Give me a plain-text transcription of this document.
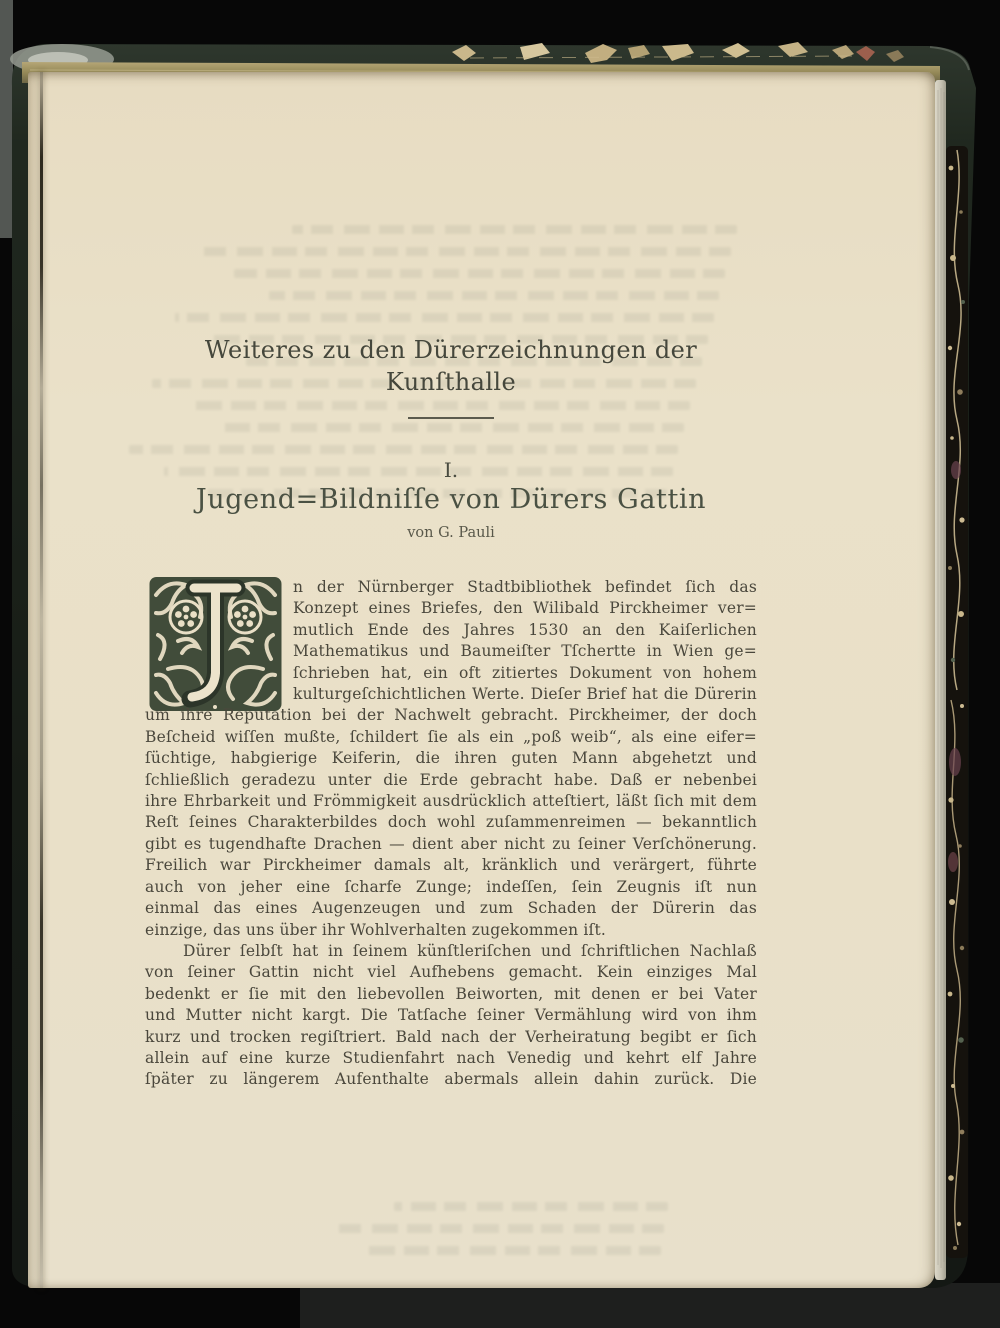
Weiteres zu den Dürerzeichnungen der Kunſthalle
I.
Jugend=Bildniſſe von Dürers Gattin
von G. Pauli
n der Nürnberger Stadtbibliothek befindet ſich das
Konzept eines Briefes, den Wilibald Pirckheimer ver=
mutlich Ende des Jahres 1530 an den Kaiſerlichen
Mathematikus und Baumeiſter Tſchertte in Wien ge=
ſchrieben hat, ein oft zitiertes Dokument von hohem
kulturgeſchichtlichen Werte. Dieſer Brief hat die Dürerin
um ihre Reputation bei der Nachwelt gebracht. Pirckheimer, der doch
Beſcheid wiſſen mußte, ſchildert ſie als ein „poß weib“, als eine eifer=
ſüchtige, habgierige Keiferin, die ihren guten Mann abgehetzt und
ſchließlich geradezu unter die Erde gebracht habe. Daß er nebenbei
ihre Ehrbarkeit und Frömmigkeit ausdrücklich atteſtiert, läßt ſich mit dem
Reſt ſeines Charakterbildes doch wohl zuſammenreimen — bekanntlich
gibt es tugendhafte Drachen — dient aber nicht zu ſeiner Verſchönerung.
Freilich war Pirckheimer damals alt, kränklich und verärgert, führte
auch von jeher eine ſcharfe Zunge; indeſſen, ſein Zeugnis iſt nun
einmal das eines Augenzeugen und zum Schaden der Dürerin das
einzige, das uns über ihr Wohlverhalten zugekommen iſt.
Dürer ſelbſt hat in ſeinem künſtleriſchen und ſchriftlichen Nachlaß
von ſeiner Gattin nicht viel Aufhebens gemacht. Kein einziges Mal
bedenkt er ſie mit den liebevollen Beiworten, mit denen er bei Vater
und Mutter nicht kargt. Die Tatſache ſeiner Vermählung wird von ihm
kurz und trocken regiſtriert. Bald nach der Verheiratung begibt er ſich
allein auf eine kurze Studienfahrt nach Venedig und kehrt elf Jahre
ſpäter zu längerem Aufenthalte abermals allein dahin zurück. Die
